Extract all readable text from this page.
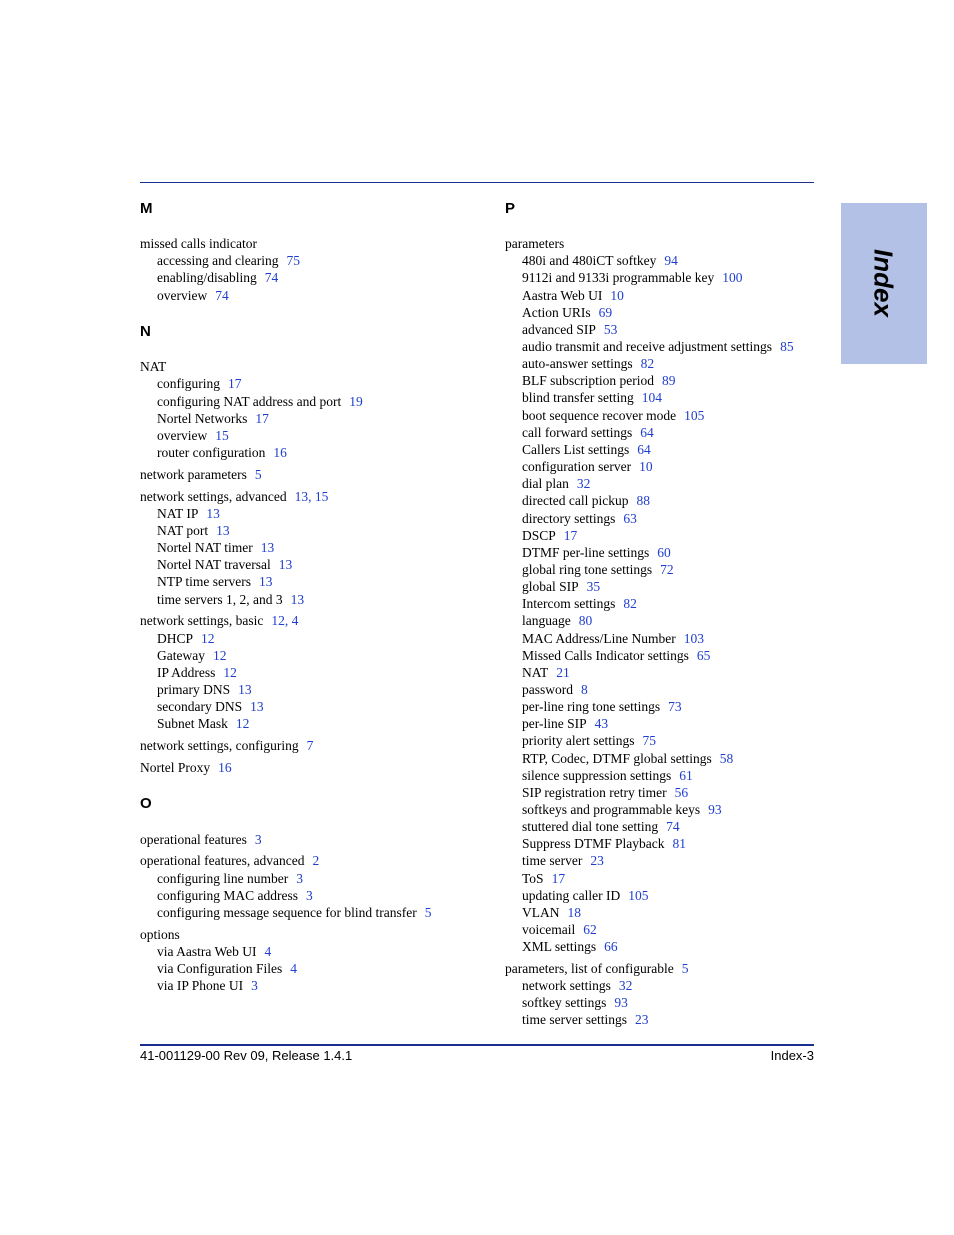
Index
M
missed calls indicator
accessing and clearing 75
enabling/disabling 74
overview 74
N
NAT
configuring 17
configuring NAT address and port 19
Nortel Networks 17
overview 15
router configuration 16
network parameters 5
network settings, advanced 13, 15
NAT IP 13
NAT port 13
Nortel NAT timer 13
Nortel NAT traversal 13
NTP time servers 13
time servers 1, 2, and 3 13
network settings, basic 12, 4
DHCP 12
Gateway 12
IP Address 12
primary DNS 13
secondary DNS 13
Subnet Mask 12
network settings, configuring 7
Nortel Proxy 16
O
operational features 3
operational features, advanced 2
configuring line number 3
configuring MAC address 3
configuring message sequence for blind transfer 5
options
via Aastra Web UI 4
via Configuration Files 4
via IP Phone UI 3
P
parameters
480i and 480iCT softkey 94
9112i and 9133i programmable key 100
Aastra Web UI 10
Action URIs 69
advanced SIP 53
audio transmit and receive adjustment settings 85
auto-answer settings 82
BLF subscription period 89
blind transfer setting 104
boot sequence recover mode 105
call forward settings 64
Callers List settings 64
configuration server 10
dial plan 32
directed call pickup 88
directory settings 63
DSCP 17
DTMF per-line settings 60
global ring tone settings 72
global SIP 35
Intercom settings 82
language 80
MAC Address/Line Number 103
Missed Calls Indicator settings 65
NAT 21
password 8
per-line ring tone settings 73
per-line SIP 43
priority alert settings 75
RTP, Codec, DTMF global settings 58
silence suppression settings 61
SIP registration retry timer 56
softkeys and programmable keys 93
stuttered dial tone setting 74
Suppress DTMF Playback 81
time server 23
ToS 17
updating caller ID 105
VLAN 18
voicemail 62
XML settings 66
parameters, list of configurable 5
network settings 32
softkey settings 93
time server settings 23
41-001129-00 Rev 09, Release 1.4.1	Index-3
